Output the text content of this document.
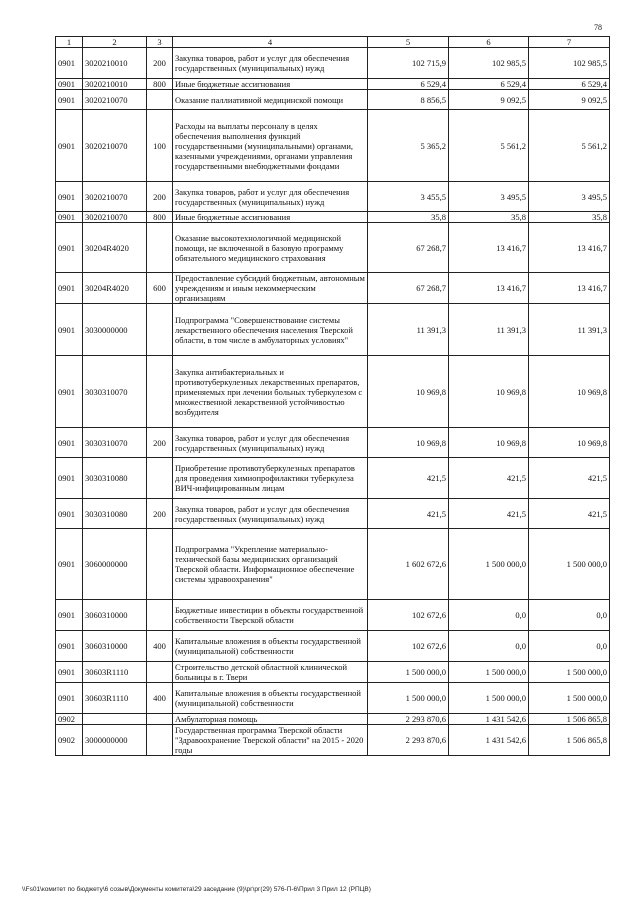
78
1	2	3	4	5	6	7
0901	3020210010	200	Закупка товаров, работ и услуг для обеспечения государственных (муниципальных) нужд	102 715,9	102 985,5	102 985,5
0901	3020210010	800	Иные бюджетные ассигнования	6 529,4	6 529,4	6 529,4
0901	3020210070		Оказание паллиативной медицинской помощи	8 856,5	9 092,5	9 092,5
0901	3020210070	100	Расходы на выплаты персоналу в целях обеспечения выполнения функций государственными (муниципальными) органами, казенными учреждениями, органами управления государственными внебюджетными фондами	5 365,2	5 561,2	5 561,2
0901	3020210070	200	Закупка товаров, работ и услуг для обеспечения государственных (муниципальных) нужд	3 455,5	3 495,5	3 495,5
0901	3020210070	800	Иные бюджетные ассигнования	35,8	35,8	35,8
0901	30204R4020		Оказание высокотехнологичной медицинской помощи, не включенной в базовую программу обязательного медицинского страхования	67 268,7	13 416,7	13 416,7
0901	30204R4020	600	Предоставление субсидий бюджетным, автономным учреждениям и иным некоммерческим организациям	67 268,7	13 416,7	13 416,7
0901	3030000000		Подпрограмма "Совершенствование системы лекарственного обеспечения населения Тверской области, в том числе в амбулаторных условиях"	11 391,3	11 391,3	11 391,3
0901	3030310070		Закупка антибактериальных и противотуберкулезных лекарственных препаратов, применяемых при лечении больных туберкулезом с множественной лекарственной устойчивостью возбудителя	10 969,8	10 969,8	10 969,8
0901	3030310070	200	Закупка товаров, работ и услуг для обеспечения государственных (муниципальных) нужд	10 969,8	10 969,8	10 969,8
0901	3030310080		Приобретение противотуберкулезных препаратов для проведения химиопрофилактики туберкулеза ВИЧ-инфицированным лицам	421,5	421,5	421,5
0901	3030310080	200	Закупка товаров, работ и услуг для обеспечения государственных (муниципальных) нужд	421,5	421,5	421,5
0901	3060000000		Подпрограмма "Укрепление материально-технической базы медицинских организаций Тверской области. Информационное обеспечение системы здравоохранения"	1 602 672,6	1 500 000,0	1 500 000,0
0901	3060310000		Бюджетные инвестиции в объекты государственной собственности Тверской области	102 672,6	0,0	0,0
0901	3060310000	400	Капитальные вложения в объекты государственной (муниципальной) собственности	102 672,6	0,0	0,0
0901	30603R1110		Строительство детской областной клинической больницы в г. Твери	1 500 000,0	1 500 000,0	1 500 000,0
0901	30603R1110	400	Капитальные вложения в объекты государственной (муниципальной) собственности	1 500 000,0	1 500 000,0	1 500 000,0
0902			Амбулаторная помощь	2 293 870,6	1 431 542,6	1 506 865,8
0902	3000000000		Государственная программа Тверской области "Здравоохранение Тверской области" на 2015 - 2020 годы	2 293 870,6	1 431 542,6	1 506 865,8
\\Fs01\комитет по бюджету\6 созыв\Документы комитета\29 заседание (9)\рг\рг(29) 576-П-6\Прил 3 Прил 12 (РПЦВ)
